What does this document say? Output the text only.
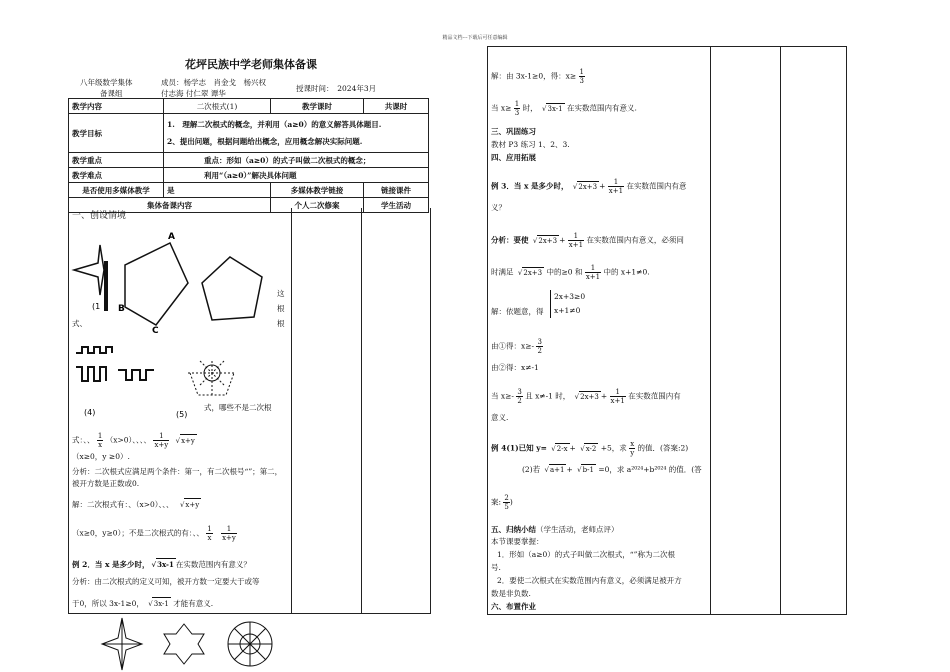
精品文档---下载后可任意编辑
花坪民族中学老师集体备课
八年级数学集体
备课组
成员：杨学志　肖金戈　杨兴权
付志海 付仁翠 谭华
授课时间：　2024年3月
教学内容	二次根式(1)	教学课时	共课时
教学目标	1.　理解二次根式的概念，并利用（a≥0）的意义解答具体题目.
2、提出问题，根据问题给出概念，应用概念解决实际问题.		

教学重点	重点：形如（a≥0）的式子叫做二次根式的概念；		
教学难点	利用“（a≥0）”解决具体问题		
是否使用多媒体教学	是	多媒体教学链接	链接课件
集体备课内容		个人二次修案	学生活动
一、创设情境
A
B
C
(1
(4)	(5)
这
根
根
式、
式，哪些不是二次根
式：、、 $\frac{1}{x} (x>0)$、、、、 $\frac{1}{x+y}$ √ x+y
（x≥0，y ≥0）.
分析：二次根式应满足两个条件：第一，有二次根号“”；第二，被开方数是正数或0.
解：二次根式有：、（x>0）、、、 √ x+y
（x≥0，y≥0）；不是二次根式的有：、、 $\frac{1}{x}$
$\frac{1}{x+y}$
例 2．当 x 是多少时， √ 3x-1 在实数范围内有意义？
分析：由二次根式的定义可知，被开方数一定要大于或等
于0，所以 3x-1≥0， √ 3x-1 才能有意义.
解：由 3x-1≥0，得：$x\ge \frac{1}{3}$
当 $x\ge \frac{1}{3}$ 时， √ 3x-1 在实数范围内有意义.
三、巩固练习
教材 P3 练习 1、2、3.
四、应用拓展
例 3．当 x 是多少时， √ $2x+3 + \frac{1}{x+1}$ 在实数范围内有意
义？
分析：要使 √ $2x+3 + \frac{1}{x+1}$ 在实数范围内有意义，必须同
时满足 √ 2x+3 中的≥0 和 $\frac{1}{x+1}$ 中的 x+1≠0.
解：依题意，得
2x+3≥0
x+1≠0
由①得：$x\ge- \frac{3}{2}$
由②得：x≠-1
当 $x\ge- \frac{3}{2}$ 且 x≠-1 时， √ $2x+3 + \frac{1}{x+1}$ 在实数范围内有
意义.
例 4(1)已知 y= √ 2-x + √ x-2 +5，求 $\frac{x}{y}$ 的值．(答案:2)
(2)若 √ a+1 + √ b-1 =0，求 a²⁰²⁴+b²⁰²⁴ 的值．(答
案: $\frac{2}{5}$ )
五、归纳小结（学生活动，老师点评）
本节课要掌握：
1．形如（a≥0）的式子叫做二次根式，“”称为二次根
号.
2．要使二次根式在实数范围内有意义，必须满足被开方
数是非负数.
六、布置作业
